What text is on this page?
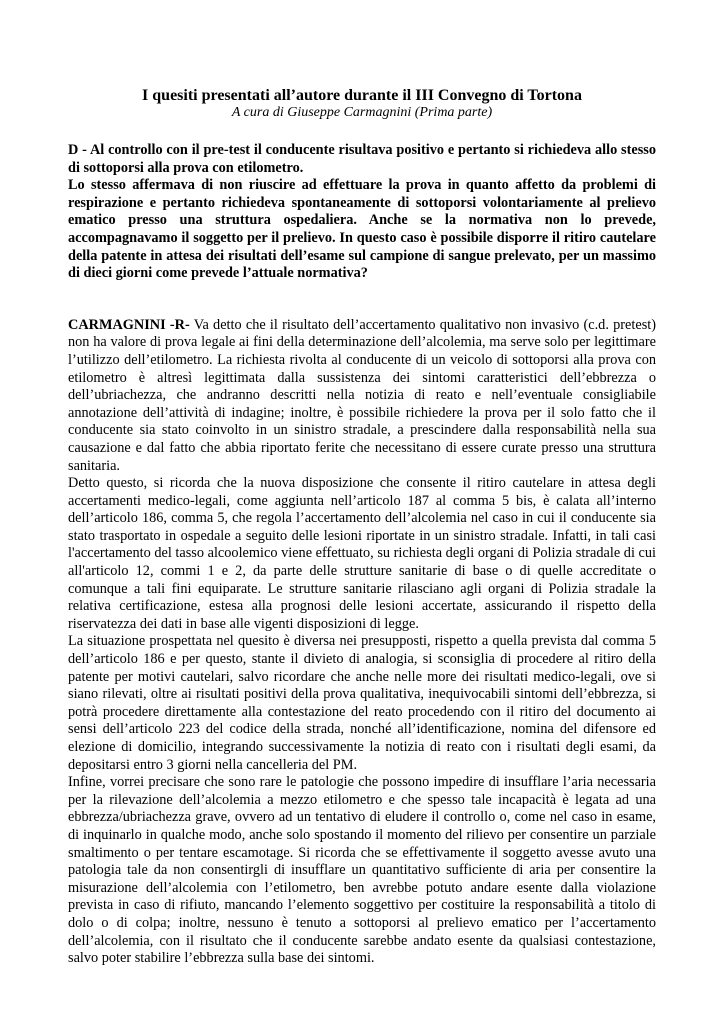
I quesiti presentati all’autore durante il III Convegno di Tortona
A cura di Giuseppe Carmagnini (Prima parte)

D - Al controllo con il pre-test il conducente risultava positivo e pertanto si richiedeva allo stesso di sottoporsi alla prova con etilometro.

Lo stesso affermava di non riuscire ad effettuare la prova in quanto affetto da problemi di respirazione e pertanto richiedeva spontaneamente di sottoporsi volontariamente al prelievo ematico presso una struttura ospedaliera. Anche se la normativa non lo prevede, accompagnavamo il soggetto per il prelievo. In questo caso è possibile disporre il ritiro cautelare della patente in attesa dei risultati dell’esame sul campione di sangue prelevato, per un massimo di dieci giorni come prevede l’attuale normativa?

CARMAGNINI -R- Va detto che il risultato dell’accertamento qualitativo non invasivo (c.d. pretest) non ha valore di prova legale ai fini della determinazione dell’alcolemia, ma serve solo per legittimare l’utilizzo dell’etilometro. La richiesta rivolta al conducente di un veicolo di sottoporsi alla prova con etilometro è altresì legittimata dalla sussistenza dei sintomi caratteristici dell’ebbrezza o dell’ubriachezza, che andranno descritti nella notizia di reato e nell’eventuale consigliabile annotazione dell’attività di indagine; inoltre, è possibile richiedere la prova per il solo fatto che il conducente sia stato coinvolto in un sinistro stradale, a prescindere dalla responsabilità nella sua causazione e dal fatto che abbia riportato ferite che necessitano di essere curate presso una struttura sanitaria.

Detto questo, si ricorda che la nuova disposizione che consente il ritiro cautelare in attesa degli accertamenti medico-legali, come aggiunta nell’articolo 187 al comma 5 bis, è calata all’interno dell’articolo 186, comma 5, che regola l’accertamento dell’alcolemia nel caso in cui il conducente sia stato trasportato in ospedale a seguito delle lesioni riportate in un sinistro stradale. Infatti, in tali casi l'accertamento del tasso alcoolemico viene effettuato, su richiesta degli organi di Polizia stradale di cui all'articolo 12, commi 1 e 2, da parte delle strutture sanitarie di base o di quelle accreditate o comunque a tali fini equiparate. Le strutture sanitarie rilasciano agli organi di Polizia stradale la relativa certificazione, estesa alla prognosi delle lesioni accertate, assicurando il rispetto della riservatezza dei dati in base alle vigenti disposizioni di legge.

La situazione prospettata nel quesito è diversa nei presupposti, rispetto a quella prevista dal comma 5 dell’articolo 186 e per questo, stante il divieto di analogia, si sconsiglia di procedere al ritiro della patente per motivi cautelari, salvo ricordare che anche nelle more dei risultati medico-legali, ove si siano rilevati, oltre ai risultati positivi della prova qualitativa, inequivocabili sintomi dell’ebbrezza, si potrà procedere direttamente alla contestazione del reato procedendo con il ritiro del documento ai sensi dell’articolo 223 del codice della strada, nonché all’identificazione, nomina del difensore ed elezione di domicilio, integrando successivamente la notizia di reato con i risultati degli esami, da depositarsi entro 3 giorni nella cancelleria del PM.

Infine, vorrei precisare che sono rare le patologie che possono impedire di insufflare l’aria necessaria per la rilevazione dell’alcolemia a mezzo etilometro e che spesso tale incapacità è legata ad una ebbrezza/ubriachezza grave, ovvero ad un tentativo di eludere il controllo o, come nel caso in esame, di inquinarlo in qualche modo, anche solo spostando il momento del rilievo per consentire un parziale smaltimento o per tentare escamotage. Si ricorda che se effettivamente il soggetto avesse avuto una patologia tale da non consentirgli di insufflare un quantitativo sufficiente di aria per consentire la misurazione dell’alcolemia con l’etilometro, ben avrebbe potuto andare esente dalla violazione prevista in caso di rifiuto, mancando l’elemento soggettivo per costituire la responsabilità a titolo di dolo o di colpa; inoltre, nessuno è tenuto a sottoporsi al prelievo ematico per l’accertamento dell’alcolemia, con il risultato che il conducente sarebbe andato esente da qualsiasi contestazione, salvo poter stabilire l’ebbrezza sulla base dei sintomi.
